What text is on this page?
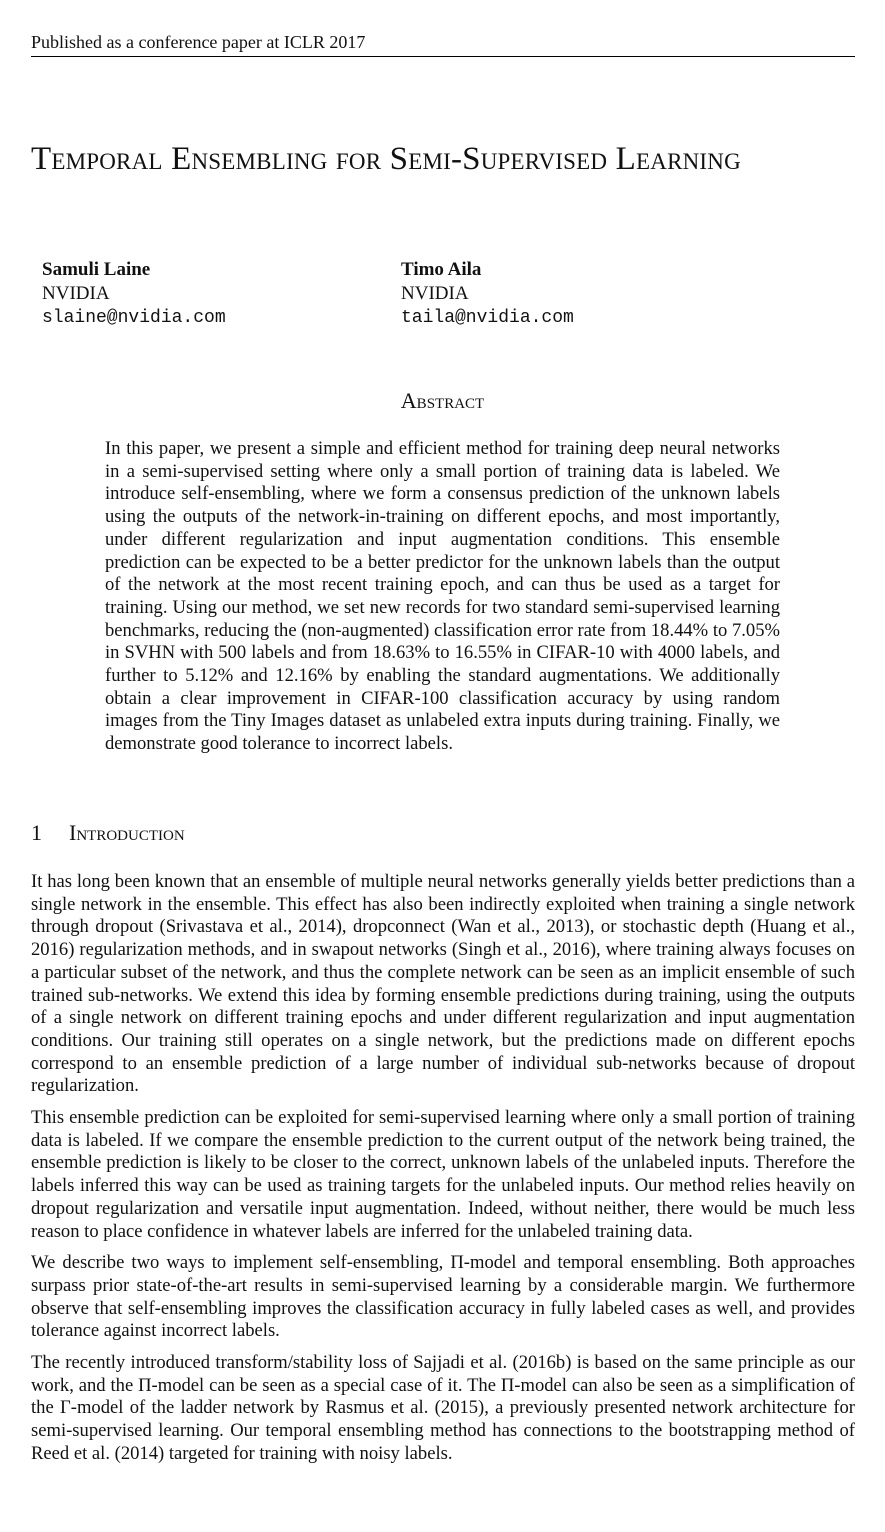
Published as a conference paper at ICLR 2017
Temporal Ensembling for Semi-Supervised Learning
Samuli Laine
NVIDIA
slaine@nvidia.com
Timo Aila
NVIDIA
taila@nvidia.com
Abstract

In this paper, we present a simple and efficient method for training deep neural networks in a semi-supervised setting where only a small portion of training data is labeled. We introduce self-ensembling, where we form a consensus prediction of the unknown labels using the outputs of the network-in-training on different epochs, and most importantly, under different regularization and input augmentation conditions. This ensemble prediction can be expected to be a better predictor for the unknown labels than the output of the network at the most recent training epoch, and can thus be used as a target for training. Using our method, we set new records for two standard semi-supervised learning benchmarks, reducing the (non-augmented) classification error rate from 18.44% to 7.05% in SVHN with 500 labels and from 18.63% to 16.55% in CIFAR-10 with 4000 labels, and further to 5.12% and 12.16% by enabling the standard augmentations. We additionally obtain a clear improvement in CIFAR-100 classification accuracy by using random images from the Tiny Images dataset as unlabeled extra inputs during training. Finally, we demonstrate good tolerance to incorrect labels.

1 Introduction

It has long been known that an ensemble of multiple neural networks generally yields better predictions than a single network in the ensemble. This effect has also been indirectly exploited when training a single network through dropout (Srivastava et al., 2014), dropconnect (Wan et al., 2013), or stochastic depth (Huang et al., 2016) regularization methods, and in swapout networks (Singh et al., 2016), where training always focuses on a particular subset of the network, and thus the complete network can be seen as an implicit ensemble of such trained sub-networks. We extend this idea by forming ensemble predictions during training, using the outputs of a single network on different training epochs and under different regularization and input augmentation conditions. Our training still operates on a single network, but the predictions made on different epochs correspond to an ensemble prediction of a large number of individual sub-networks because of dropout regularization.

This ensemble prediction can be exploited for semi-supervised learning where only a small portion of training data is labeled. If we compare the ensemble prediction to the current output of the network being trained, the ensemble prediction is likely to be closer to the correct, unknown labels of the unlabeled inputs. Therefore the labels inferred this way can be used as training targets for the unlabeled inputs. Our method relies heavily on dropout regularization and versatile input augmentation. Indeed, without neither, there would be much less reason to place confidence in whatever labels are inferred for the unlabeled training data.

We describe two ways to implement self-ensembling, Π-model and temporal ensembling. Both approaches surpass prior state-of-the-art results in semi-supervised learning by a considerable margin. We furthermore observe that self-ensembling improves the classification accuracy in fully labeled cases as well, and provides tolerance against incorrect labels.

The recently introduced transform/stability loss of Sajjadi et al. (2016b) is based on the same principle as our work, and the Π-model can be seen as a special case of it. The Π-model can also be seen as a simplification of the Γ-model of the ladder network by Rasmus et al. (2015), a previously presented network architecture for semi-supervised learning. Our temporal ensembling method has connections to the bootstrapping method of Reed et al. (2014) targeted for training with noisy labels.
